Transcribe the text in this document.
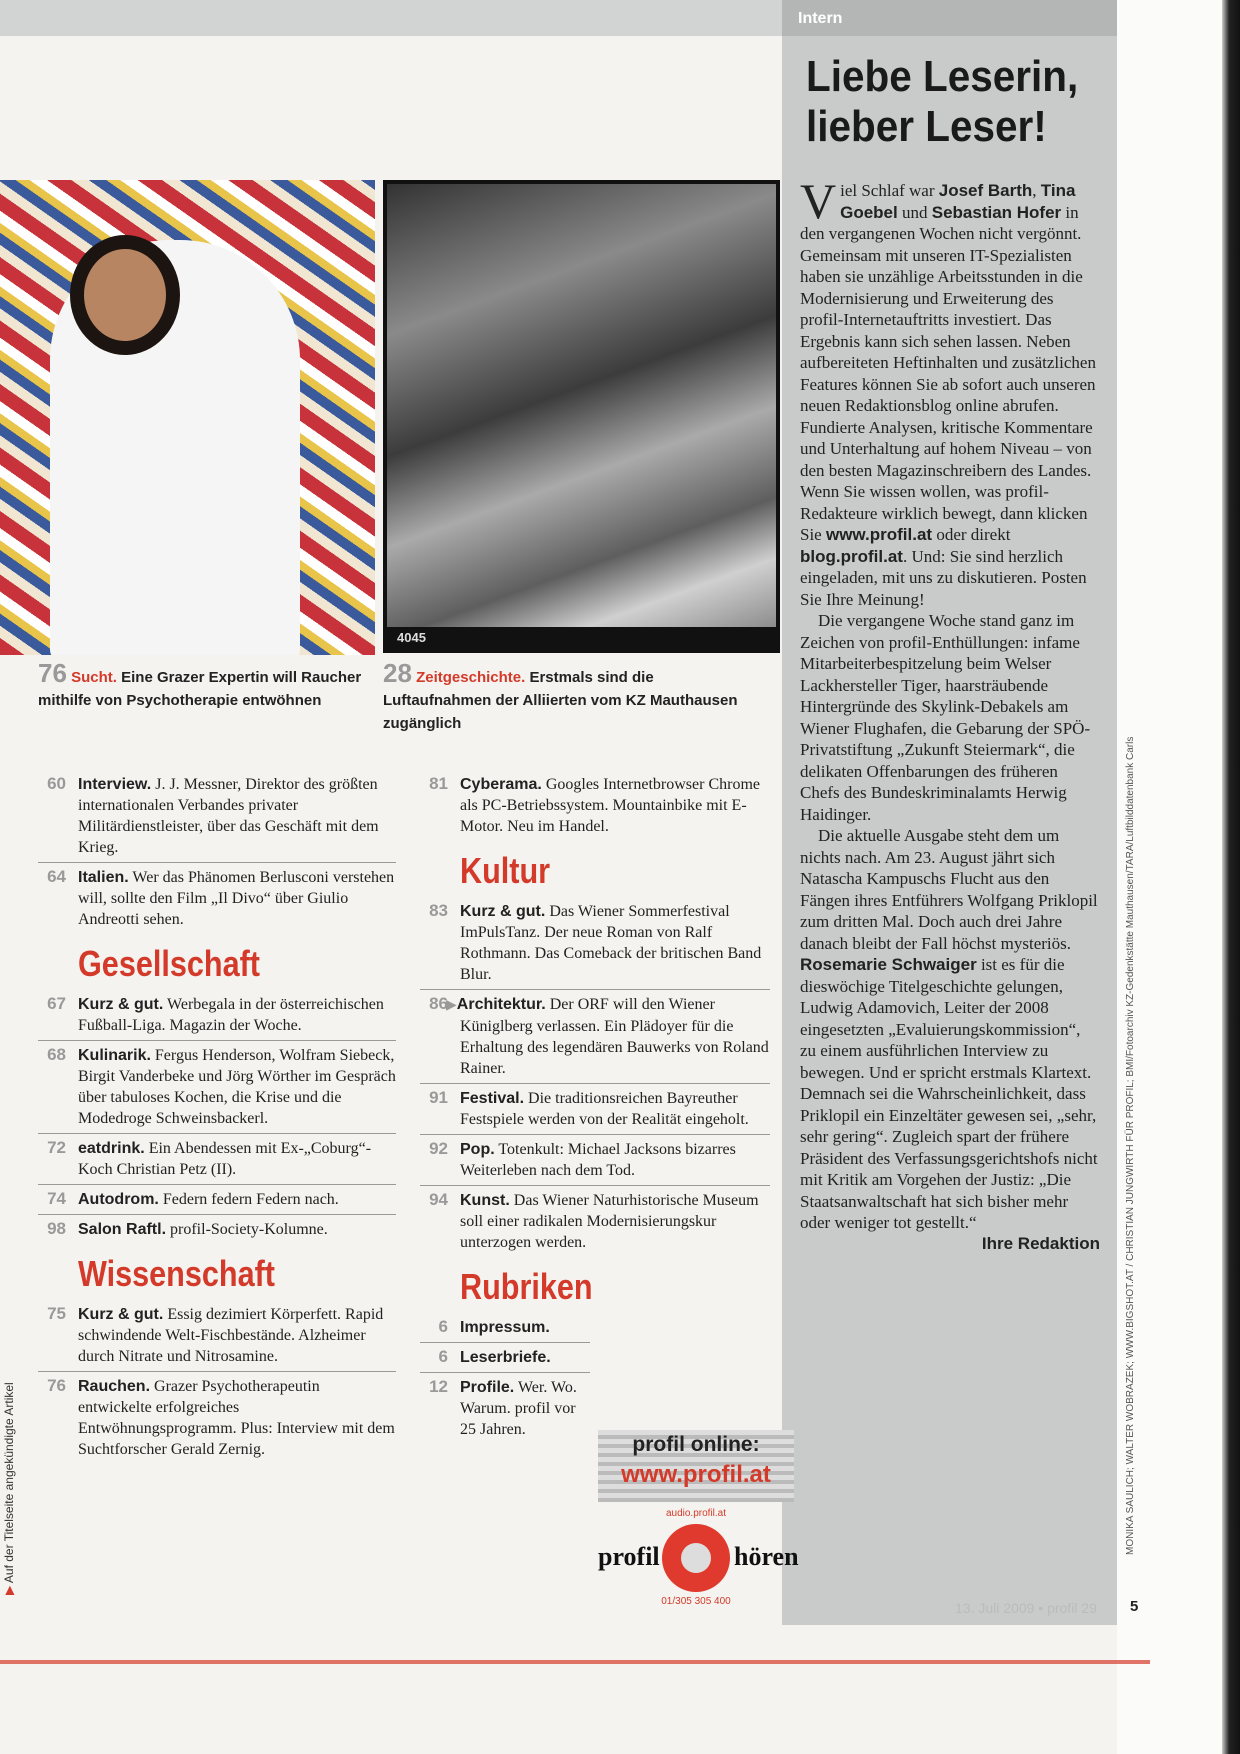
Intern
Liebe Leserin,
lieber Leser!
4045
76 Sucht. Eine Grazer Expertin will Raucher mithilfe von Psychotherapie entwöhnen
28 Zeitgeschichte. Erstmals sind die Luftaufnahmen der Alliierten vom KZ Mauthausen zugänglich
60 Interview. J. J. Messner, Direktor des größten internationalen Verbandes privater Militärdienstleister, über das Geschäft mit dem Krieg.
64 Italien. Wer das Phänomen Berlusconi verstehen will, sollte den Film „Il Divo“ über Giulio Andreotti sehen.
Gesellschaft
67 Kurz & gut. Werbegala in der österreichischen Fußball-Liga. Magazin der Woche.
68 Kulinarik. Fergus Henderson, Wolfram Siebeck, Birgit Vanderbeke und Jörg Wörther im Gespräch über tabuloses Kochen, die Krise und die Modedroge Schweinsbackerl.
72 eatdrink. Ein Abendessen mit Ex-„Coburg“-Koch Christian Petz (II).
74 Autodrom. Federn federn Federn nach.
98 Salon Raftl. profil-Society-Kolumne.
Wissenschaft
75 Kurz & gut. Essig dezimiert Körperfett. Rapid schwindende Welt-Fischbestände. Alzheimer durch Nitrate und Nitrosamine.
76 Rauchen. Grazer Psychotherapeutin entwickelte erfolgreiches Entwöhnungsprogramm. Plus: Interview mit dem Suchtforscher Gerald Zernig.
81 Cyberama. Googles Internetbrowser Chrome als PC-Betriebssystem. Mountainbike mit E-Motor. Neu im Handel.
Kultur
83 Kurz & gut. Das Wiener Sommerfestival ImPulsTanz. Der neue Roman von Ralf Rothmann. Das Comeback der britischen Band Blur.
86
▶Architektur. Der ORF will den Wiener Küniglberg verlassen. Ein Plädoyer für die Erhaltung des legendären Bauwerks von Roland Rainer.
91 Festival. Die traditionsreichen Bayreuther Festspiele werden von der Realität eingeholt.
92 Pop. Totenkult: Michael Jacksons bizarres Weiterleben nach dem Tod.
94 Kunst. Das Wiener Naturhistorische Museum soll einer radikalen Modernisierungskur unterzogen werden.
Rubriken
6 Impressum.
6 Leserbriefe.
12 Profile. Wer. Wo. Warum. profil vor 25 Jahren.

Viel Schlaf war Josef Barth, Tina Goebel und Sebastian Hofer in den vergangenen Wochen nicht vergönnt. Gemeinsam mit unseren IT-Spezialisten haben sie unzählige Arbeitsstunden in die Modernisierung und Erweiterung des profil-Internetauftritts investiert. Das Ergebnis kann sich sehen lassen. Neben aufbereiteten Heftinhalten und zusätzlichen Features können Sie ab sofort auch unseren neuen Redaktionsblog online abrufen. Fundierte Analysen, kritische Kommentare und Unterhaltung auf hohem Niveau – von den besten Magazinschreibern des Landes. Wenn Sie wissen wollen, was profil-Redakteure wirklich bewegt, dann klicken Sie www.profil.at oder direkt blog.profil.at. Und: Sie sind herzlich eingeladen, mit uns zu diskutieren. Posten Sie Ihre Meinung!

Die vergangene Woche stand ganz im Zeichen von profil-Enthüllungen: infame Mitarbeiterbespitzelung beim Welser Lackhersteller Tiger, haarsträubende Hintergründe des Skylink-Debakels am Wiener Flughafen, die Gebarung der SPÖ-Privatstiftung „Zukunft Steiermark“, die delikaten Offenbarungen des früheren Chefs des Bundeskriminalamts Herwig Haidinger.

Die aktuelle Ausgabe steht dem um nichts nach. Am 23. August jährt sich Natascha Kampuschs Flucht aus den Fängen ihres Entführers Wolfgang Priklopil zum dritten Mal. Doch auch drei Jahre danach bleibt der Fall höchst mysteriös. Rosemarie Schwaiger ist es für die dieswöchige Titelgeschichte gelungen, Ludwig Adamovich, Leiter der 2008 eingesetzten „Evaluierungskommission“, zu einem ausführlichen Interview zu bewegen. Und er spricht erstmals Klartext. Demnach sei die Wahrscheinlichkeit, dass Priklopil ein Einzeltäter gewesen sei, „sehr, sehr gering“. Zugleich spart der frühere Präsident des Verfassungsgerichtshofs nicht mit Kritik am Vorgehen der Justiz: „Die Staatsanwaltschaft hat sich bisher mehr oder weniger tot gestellt.“

Ihre Redaktion
profil online:
www.profil.at
audio.profil.at
profil	hören
01/305 305 400	13. Juli 2009 • profil 29 5
MONIKA SAULICH; WALTER WOBRAZEK; WWW.BIGSHOT.AT / CHRISTIAN JUNGWIRTH FÜR PROFIL; BMI/Fotoarchiv KZ-Gedenkstätte Mauthausen/TARA/Luftbilddatenbank Carls
▶ Auf der Titelseite angekündigte Artikel
